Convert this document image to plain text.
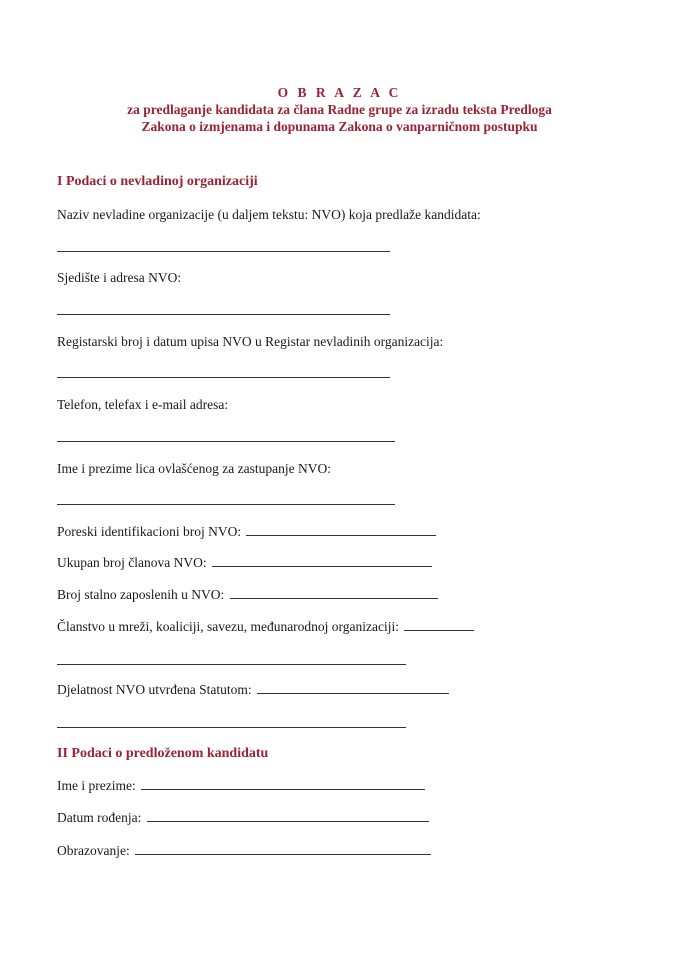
O B R A Z A C
za predlaganje kandidata za člana Radne grupe za izradu teksta Predloga
Zakona o izmjenama i dopunama Zakona o vanparničnom postupku
I Podaci o nevladinoj organizaciji
Naziv nevladine organizacije (u daljem tekstu: NVO) koja predlaže kandidata:
Sjedište i adresa NVO:
Registarski broj i datum upisa NVO u Registar nevladinih organizacija:
Telefon, telefax i e-mail adresa:
Ime i prezime lica ovlašćenog za zastupanje NVO:
Poreski identifikacioni broj NVO:
Ukupan broj članova NVO:
Broj stalno zaposlenih u NVO:
Članstvo u mreži, koaliciji, savezu, međunarodnoj organizaciji:
Djelatnost NVO utvrđena Statutom:
II Podaci o predloženom kandidatu
Ime i prezime:
Datum rođenja:
Obrazovanje:
